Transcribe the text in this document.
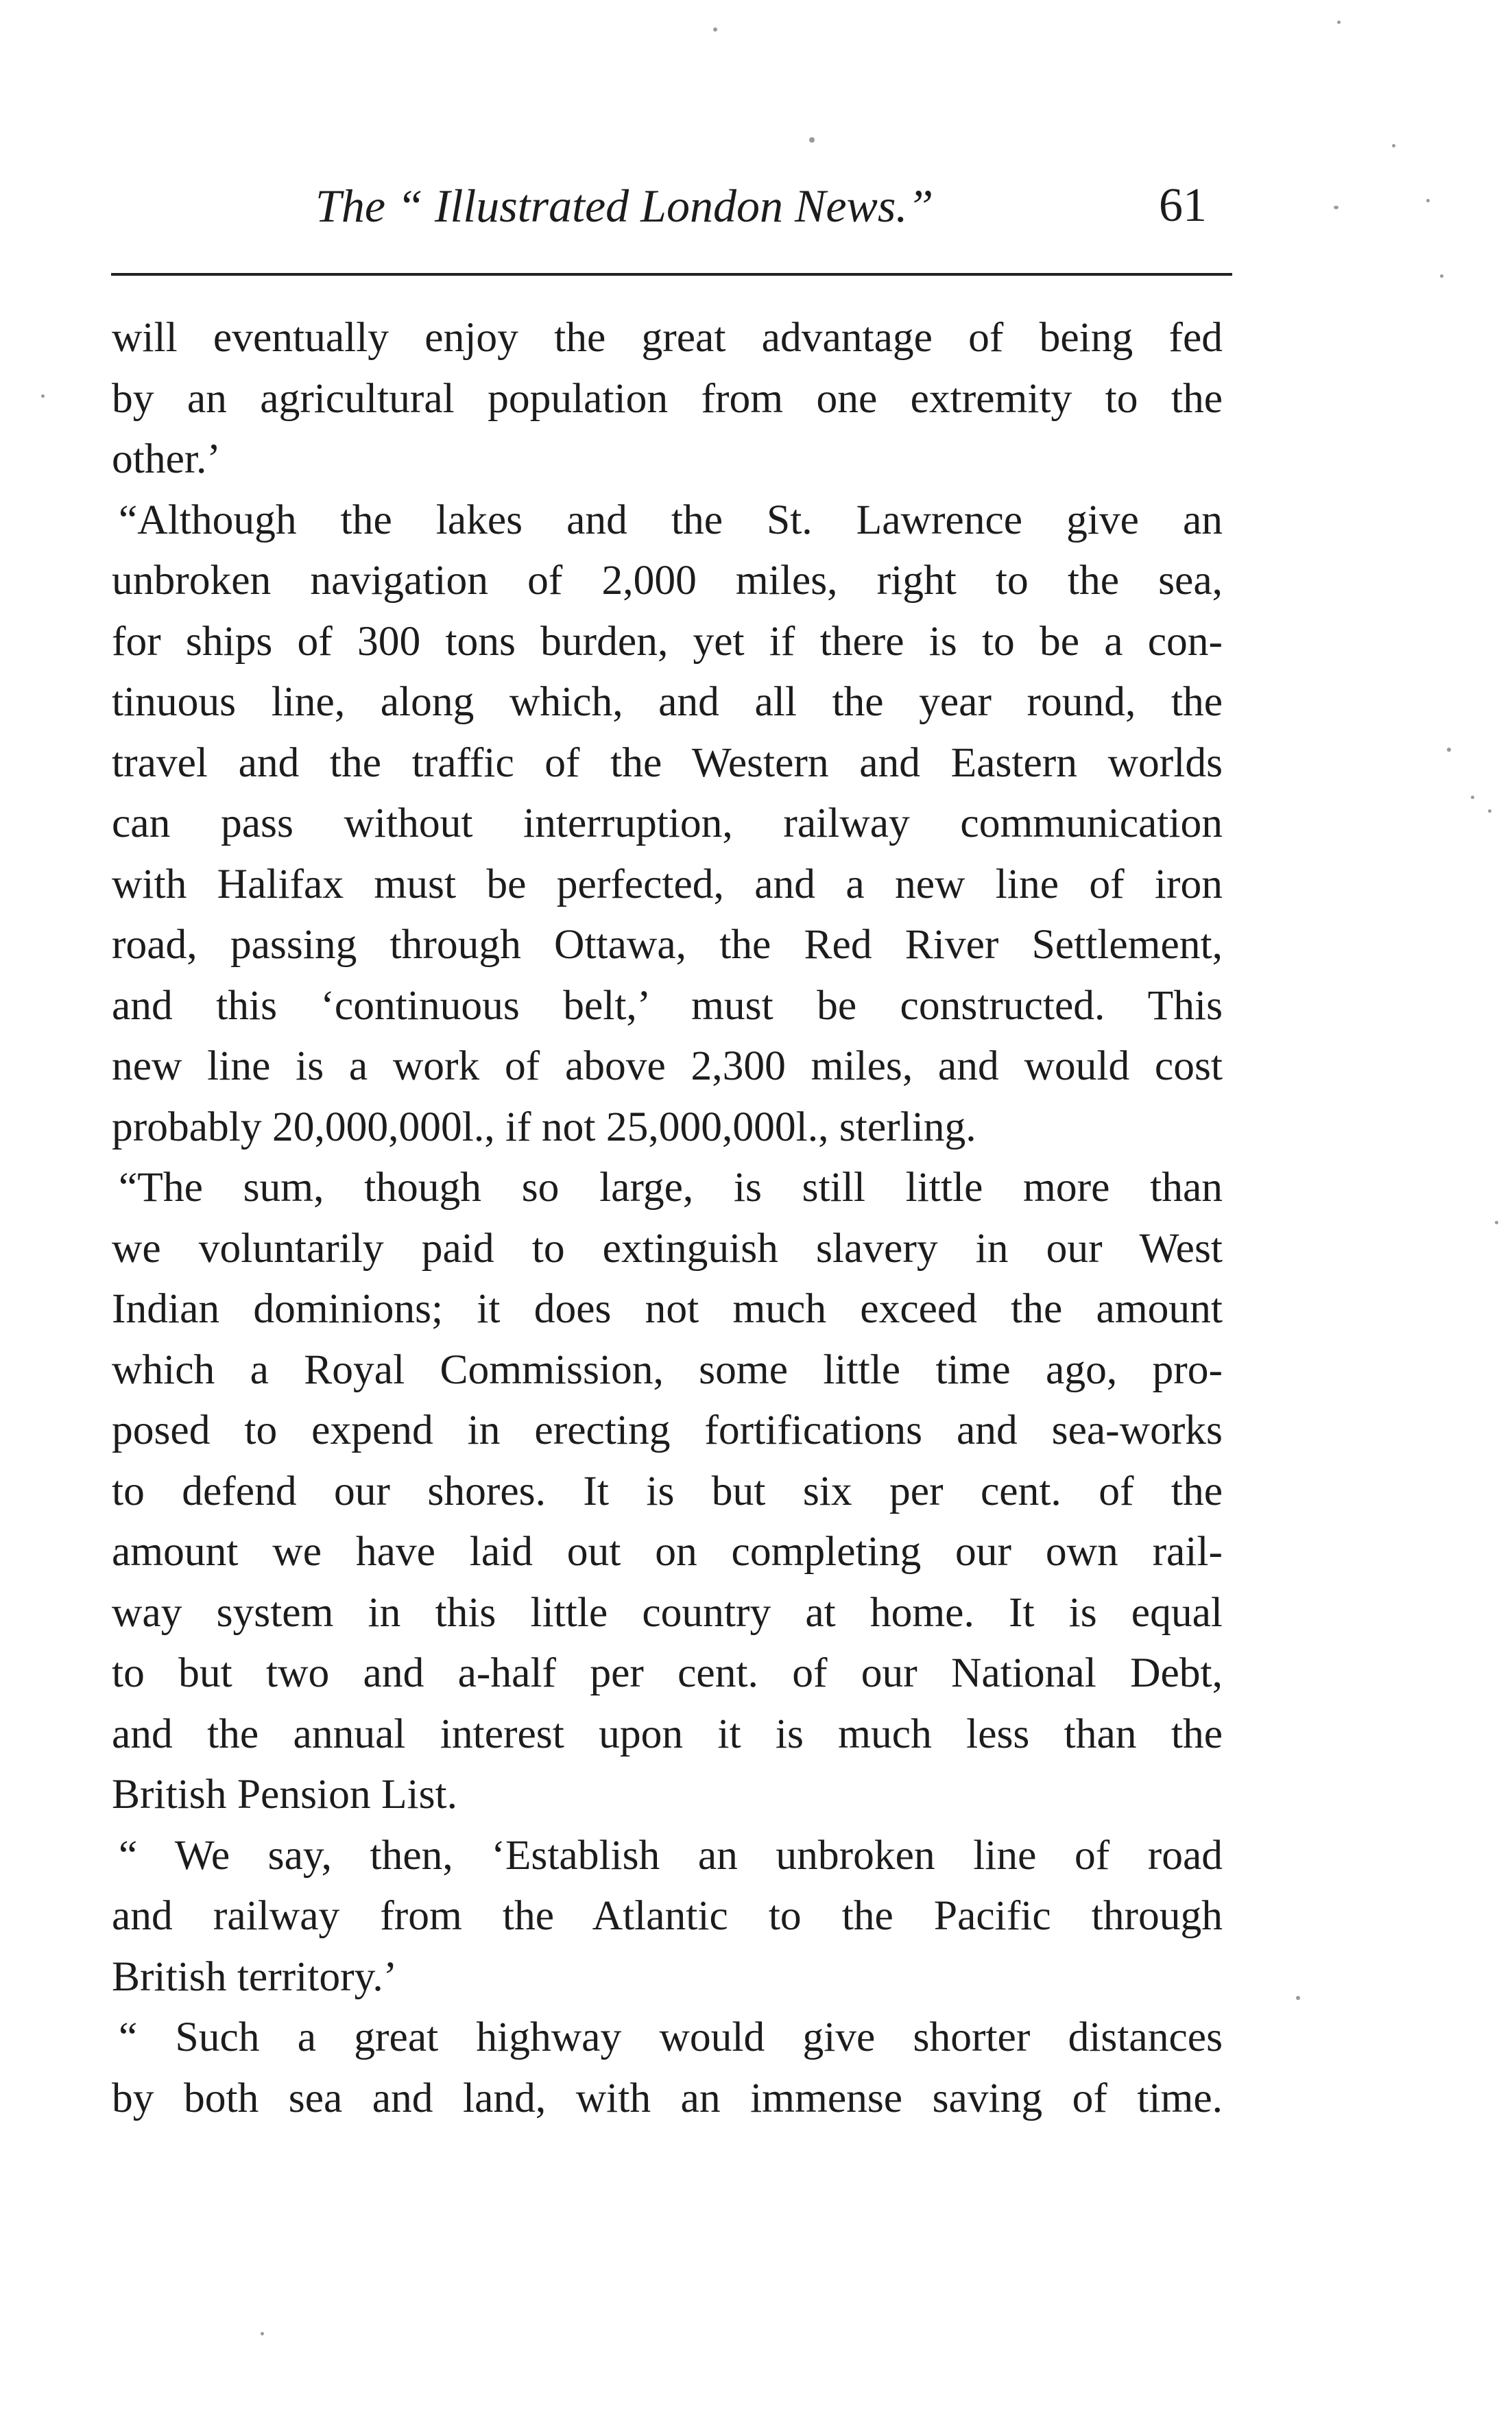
The “ Illustrated London News.”	61
will eventually enjoy the great advantage of being fed
by an agricultural population from one extremity to the
other.’
“Although the lakes and the St. Lawrence give an
unbroken navigation of 2,000 miles, right to the sea,
for ships of 300 tons burden, yet if there is to be a con-
tinuous line, along which, and all the year round, the
travel and the traffic of the Western and Eastern worlds
can pass without interruption, railway communication
with Halifax must be perfected, and a new line of iron
road, passing through Ottawa, the Red River Settlement,
and this ‘continuous belt,’ must be constructed. This
new line is a work of above 2,300 miles, and would cost
probably 20,000,000l., if not 25,000,000l., sterling.
“The sum, though so large, is still little more than
we voluntarily paid to extinguish slavery in our West
Indian dominions; it does not much exceed the amount
which a Royal Commission, some little time ago, pro-
posed to expend in erecting fortifications and sea-works
to defend our shores. It is but six per cent. of the
amount we have laid out on completing our own rail-
way system in this little country at home. It is equal
to but two and a-half per cent. of our National Debt,
and the annual interest upon it is much less than the
British Pension List.
“ We say, then, ‘Establish an unbroken line of road
and railway from the Atlantic to the Pacific through
British territory.’
“ Such a great highway would give shorter distances
by both sea and land, with an immense saving of time.
